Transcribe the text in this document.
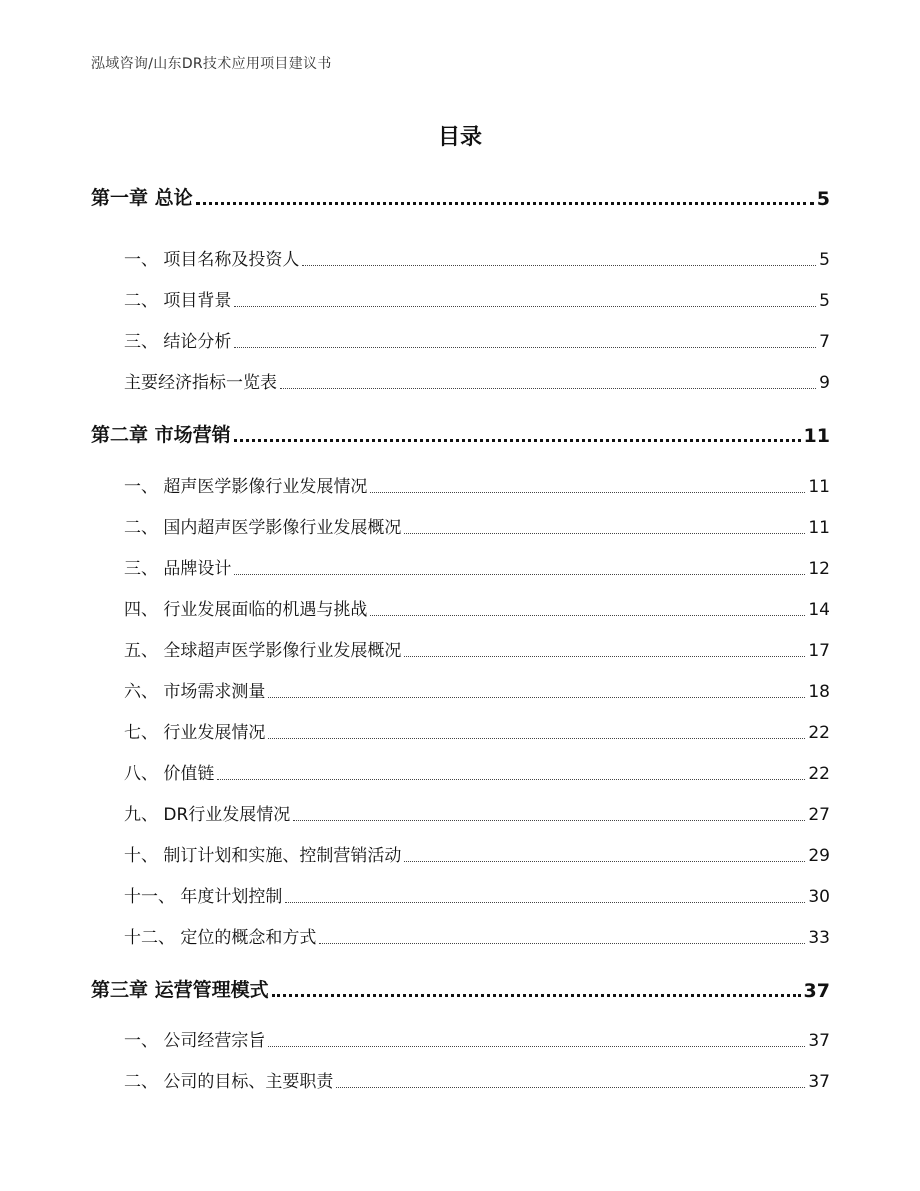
泓域咨询/山东DR技术应用项目建议书
目录
第一章 总论	5
一、 项目名称及投资人	5
二、 项目背景	5
三、 结论分析	7
主要经济指标一览表	9
第二章 市场营销	11
一、 超声医学影像行业发展情况	11
二、 国内超声医学影像行业发展概况	11
三、 品牌设计	12
四、 行业发展面临的机遇与挑战	14
五、 全球超声医学影像行业发展概况	17
六、 市场需求测量	18
七、 行业发展情况	22
八、 价值链	22
九、 DR行业发展情况	27
十、 制订计划和实施、控制营销活动	29
十一、 年度计划控制	30
十二、 定位的概念和方式	33
第三章 运营管理模式	37
一、 公司经营宗旨	37
二、 公司的目标、主要职责	37
